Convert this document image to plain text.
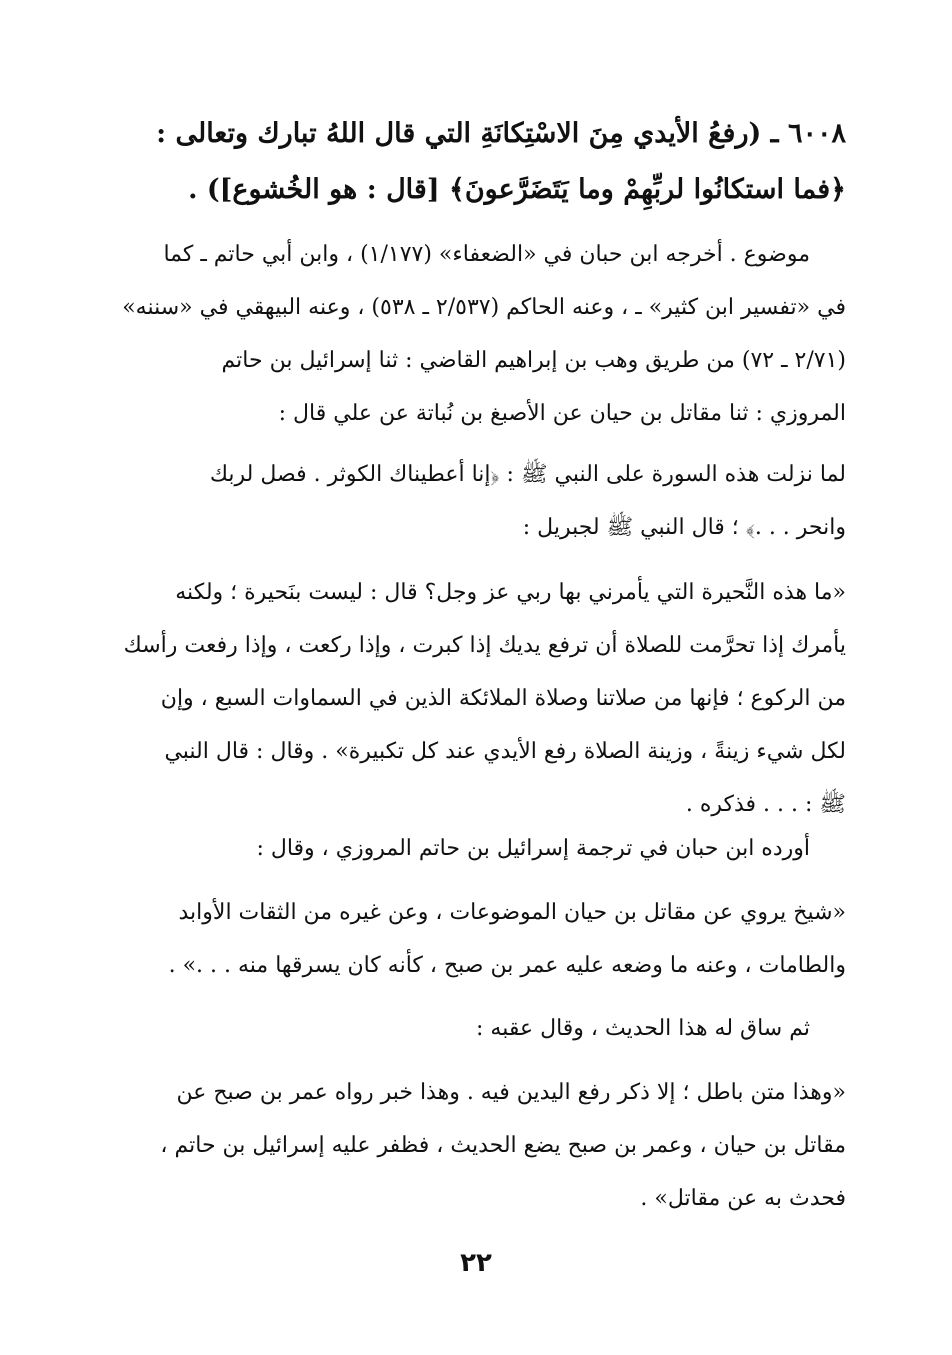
٦٠٠٨ ـ (رفعُ الأيدي مِنَ الاسْتِكانَةِ التي قال اللهُ تبارك وتعالى :
﴿فما استكانُوا لربِّهِمْ وما يَتَضَرَّعونَ﴾ [قال : هو الخُشوع]) .
موضوع . أخرجه ابن حبان في «الضعفاء» (١/١٧٧) ، وابن أبي حاتم ـ كما
في «تفسير ابن كثير» ـ ، وعنه الحاكم (٢/٥٣٧ ـ ٥٣٨) ، وعنه البيهقي في «سننه»
(٢/٧١ ـ ٧٢) من طريق وهب بن إبراهيم القاضي : ثنا إسرائيل بن حاتم
المروزي : ثنا مقاتل بن حيان عن الأصبغ بن نُباتة عن علي قال :
لما نزلت هذه السورة على النبي ﷺ : ﴿إنا أعطيناك الكوثر . فصل لربك
وانحر . . .﴾ ؛ قال النبي ﷺ لجبريل :
«ما هذه النَّحيرة التي يأمرني بها ربي عز وجل؟ قال : ليست بنَحيرة ؛ ولكنه
يأمرك إذا تحرَّمت للصلاة أن ترفع يديك إذا كبرت ، وإذا ركعت ، وإذا رفعت رأسك
من الركوع ؛ فإنها من صلاتنا وصلاة الملائكة الذين في السماوات السبع ، وإن
لكل شيء زينةً ، وزينة الصلاة رفع الأيدي عند كل تكبيرة» . وقال : قال النبي
ﷺ : . . . فذكره .
أورده ابن حبان في ترجمة إسرائيل بن حاتم المروزي ، وقال :
«شيخ يروي عن مقاتل بن حيان الموضوعات ، وعن غيره من الثقات الأوابد
والطامات ، وعنه ما وضعه عليه عمر بن صبح ، كأنه كان يسرقها منه . . .» .
ثم ساق له هذا الحديث ، وقال عقبه :
«وهذا متن باطل ؛ إلا ذكر رفع اليدين فيه . وهذا خبر رواه عمر بن صبح عن
مقاتل بن حيان ، وعمر بن صبح يضع الحديث ، فظفر عليه إسرائيل بن حاتم ،
فحدث به عن مقاتل» .
٢٢
